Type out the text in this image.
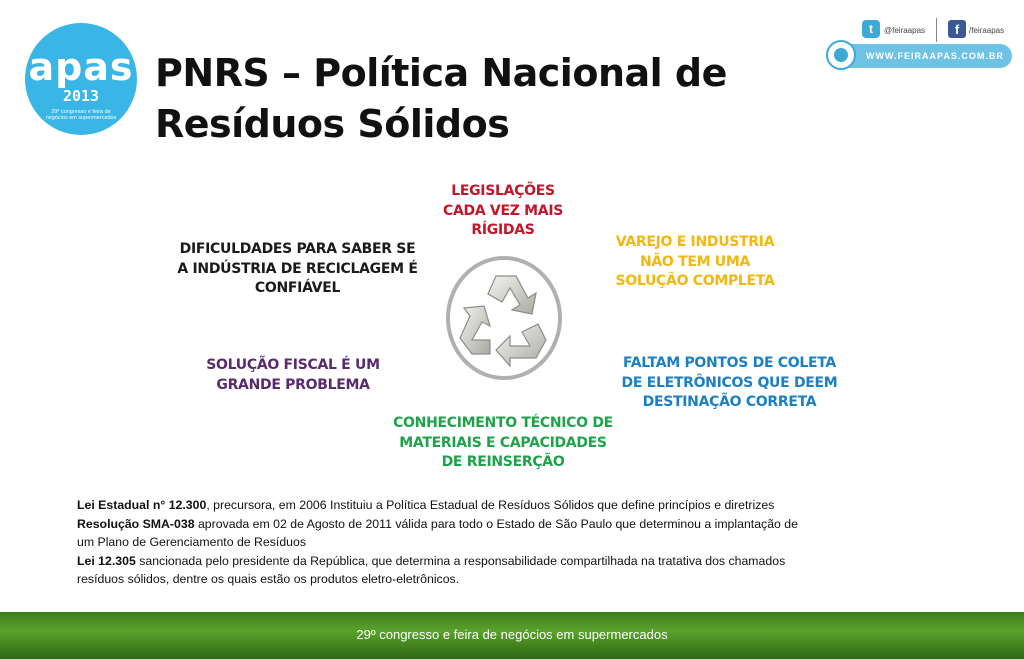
apas
2013
29º congresso e feira de negócios em supermercados
PNRS – Política Nacional de
Resíduos Sólidos
t	@feiraapas	f	/feiraapas
WWW.FEIRAAPAS.COM.BR
LEGISLAÇÕES
CADA VEZ MAIS
RÍGIDAS
VAREJO E INDUSTRIA
NÃO TEM UMA
SOLUÇÃO COMPLETA
DIFICULDADES PARA SABER SE
A INDÚSTRIA DE RECICLAGEM É
CONFIÁVEL
SOLUÇÃO FISCAL É UM
GRANDE PROBLEMA
FALTAM PONTOS DE COLETA
DE ELETRÔNICOS QUE DEEM
DESTINAÇÃO CORRETA
CONHECIMENTO TÉCNICO DE
MATERIAIS E CAPACIDADES
DE REINSERÇÃO
Lei Estadual n° 12.300, precursora, em 2006 Instituiu a Política Estadual de Resíduos Sólidos que define princípios e diretrizes
Resolução SMA-038 aprovada em 02 de Agosto de 2011 válida para todo o Estado de São Paulo que determinou a implantação de
um Plano de Gerenciamento de Resíduos
Lei 12.305 sancionada pelo presidente da República, que determina a responsabilidade compartilhada na tratativa dos chamados
resíduos sólidos, dentre os quais estão os produtos eletro-eletrônicos.
29º congresso e feira de negócios em supermercados
